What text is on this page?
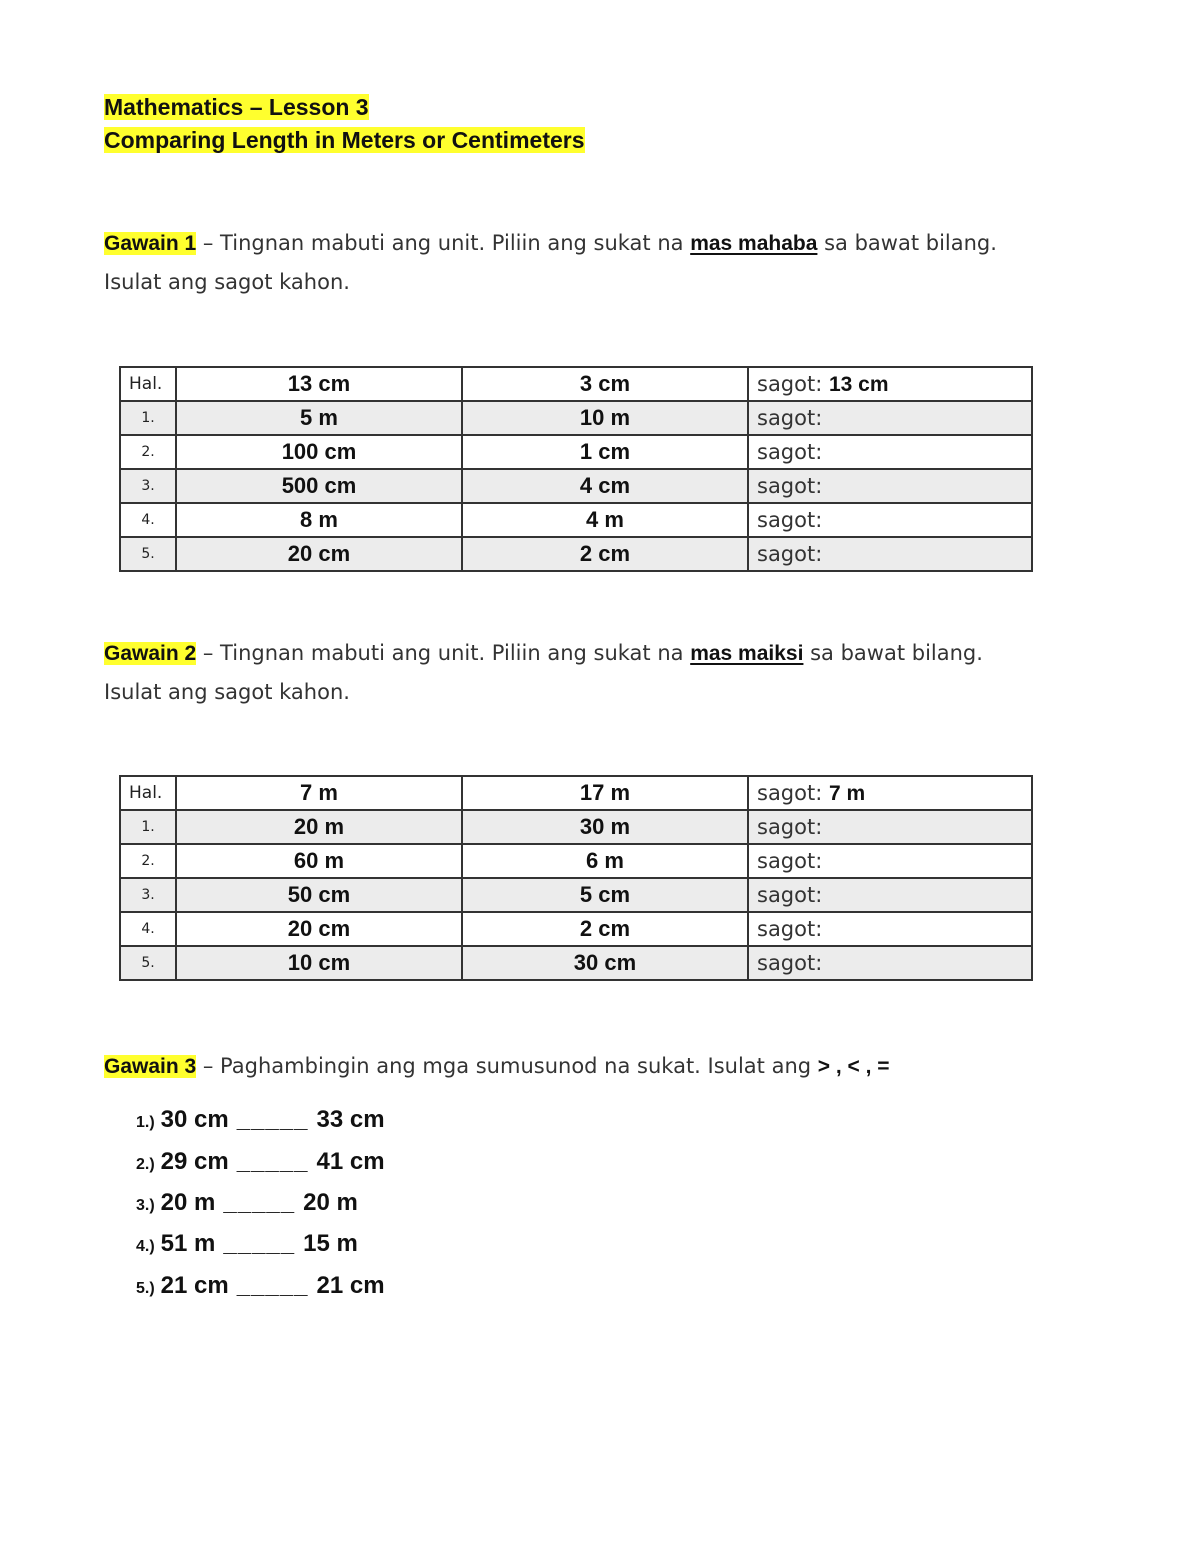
Mathematics – Lesson 3
Comparing Length in Meters or Centimeters
Gawain 1 – Tingnan mabuti ang unit. Piliin ang sukat na mas mahaba sa bawat bilang. Isulat ang sagot kahon.
Hal.	13 cm	3 cm	sagot: 13 cm
1.	5 m	10 m	sagot:
2.	100 cm	1 cm	sagot:
3.	500 cm	4 cm	sagot:
4.	8 m	4 m	sagot:
5.	20 cm	2 cm	sagot:
Gawain 2 – Tingnan mabuti ang unit. Piliin ang sukat na mas maiksi sa bawat bilang. Isulat ang sagot kahon.
Hal.	7 m	17 m	sagot: 7 m
1.	20 m	30 m	sagot:
2.	60 m	6 m	sagot:
3.	50 cm	5 cm	sagot:
4.	20 cm	2 cm	sagot:
5.	10 cm	30 cm	sagot:
Gawain 3 – Paghambingin ang mga sumusunod na sukat. Isulat ang > , < , =
1.) 30 cm _____ 33 cm
2.) 29 cm _____ 41 cm
3.) 20 m _____ 20 m
4.) 51 m _____ 15 m
5.) 21 cm _____ 21 cm
